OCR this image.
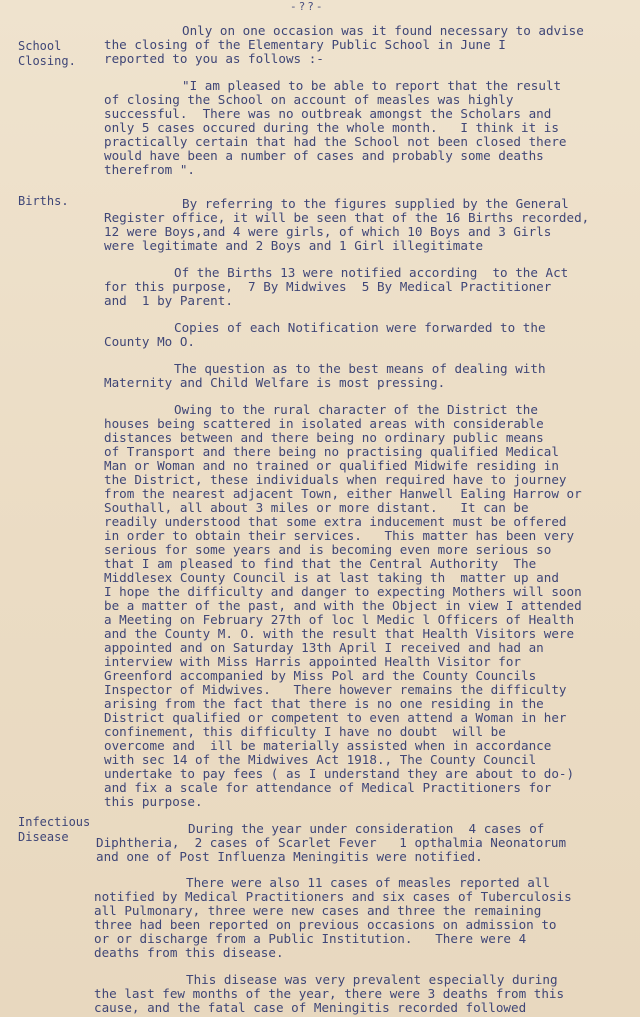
-??-
School
Closing.
Births.
Infectious
Disease
Only on one occasion was it found necessary to advise
the closing of the Elementary Public School in June I
reported to you as follows :-
"I am pleased to be able to report that the result
of closing the School on account of measles was highly
successful.  There was no outbreak amongst the Scholars and
only 5 cases occured during the whole month.   I think it is
practically certain that had the School not been closed there
would have been a number of cases and probably some deaths
therefrom ".
By referring to the figures supplied by the General
Register office, it will be seen that of the 16 Births recorded,
12 were Boys,and 4 were girls, of which 10 Boys and 3 Girls
were legitimate and 2 Boys and 1 Girl illegitimate
Of the Births 13 were notified according  to the Act
for this purpose,  7 By Midwives  5 By Medical Practitioner
and  1 by Parent.
Copies of each Notification were forwarded to the
County Mo O.
The question as to the best means of dealing with
Maternity and Child Welfare is most pressing.
Owing to the rural character of the District the
houses being scattered in isolated areas with considerable
distances between and there being no ordinary public means
of Transport and there being no practising qualified Medical
Man or Woman and no trained or qualified Midwife residing in
the District, these individuals when required have to journey
from the nearest adjacent Town, either Hanwell Ealing Harrow or
Southall, all about 3 miles or more distant.   It can be
readily understood that some extra inducement must be offered
in order to obtain their services.   This matter has been very
serious for some years and is becoming even more serious so
that I am pleased to find that the Central Authority  The
Middlesex County Council is at last taking th  matter up and
I hope the difficulty and danger to expecting Mothers will soon
be a matter of the past, and with the Object in view I attended
a Meeting on February 27th of loc l Medic l Officers of Health
and the County M. O. with the result that Health Visitors were
appointed and on Saturday 13th April I received and had an
interview with Miss Harris appointed Health Visitor for
Greenford accompanied by Miss Pol ard the County Councils
Inspector of Midwives.   There however remains the difficulty
arising from the fact that there is no one residing in the
District qualified or competent to even attend a Woman in her
confinement, this difficulty I have no doubt  will be
overcome and  ill be materially assisted when in accordance
with sec 14 of the Midwives Act 1918., The County Council
undertake to pay fees ( as I understand they are about to do-)
and fix a scale for attendance of Medical Practitioners for
this purpose.
During the year under consideration  4 cases of
Diphtheria,  2 cases of Scarlet Fever   1 opthalmia Neonatorum
and one of Post Influenza Meningitis were notified.
There were also 11 cases of measles reported all
notified by Medical Practitioners and six cases of Tuberculosis
all Pulmonary, three were new cases and three the remaining
three had been reported on previous occasions on admission to
or or discharge from a Public Institution.   There were 4
deaths from this disease.
This disease was very prevalent especially during
the last few months of the year, there were 3 deaths from this
cause, and the fatal case of Meningitis recorded followed
